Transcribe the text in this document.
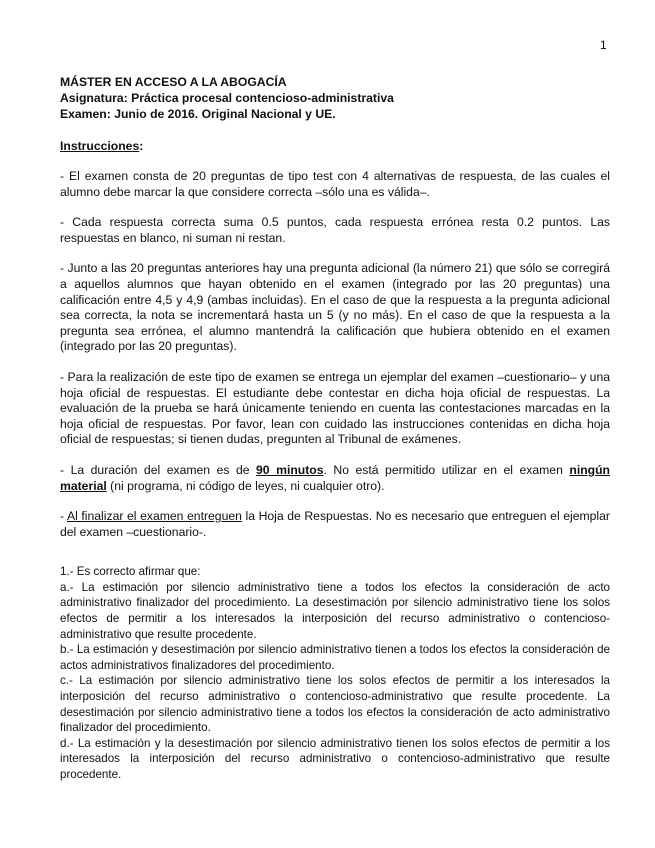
1
MÁSTER EN ACCESO A LA ABOGACÍA
Asignatura: Práctica procesal contencioso-administrativa
Examen: Junio de 2016. Original Nacional y UE.
Instrucciones:
- El examen consta de 20 preguntas de tipo test con 4 alternativas de respuesta, de las cuales el alumno debe marcar la que considere correcta –sólo una es válida–.
- Cada respuesta correcta suma 0.5 puntos, cada respuesta errónea resta 0.2 puntos. Las respuestas en blanco, ni suman ni restan.
- Junto a las 20 preguntas anteriores hay una pregunta adicional (la número 21) que sólo se corregirá a aquellos alumnos que hayan obtenido en el examen (integrado por las 20 preguntas) una calificación entre 4,5 y 4,9 (ambas incluidas). En el caso de que la respuesta a la pregunta adicional sea correcta, la nota se incrementará hasta un 5 (y no más). En el caso de que la respuesta a la pregunta sea errónea, el alumno mantendrá la calificación que hubiera obtenido en el examen (integrado por las 20 preguntas).
- Para la realización de este tipo de examen se entrega un ejemplar del examen –cuestionario– y una hoja oficial de respuestas. El estudiante debe contestar en dicha hoja oficial de respuestas. La evaluación de la prueba se hará únicamente teniendo en cuenta las contestaciones marcadas en la hoja oficial de respuestas. Por favor, lean con cuidado las instrucciones contenidas en dicha hoja oficial de respuestas; si tienen dudas, pregunten al Tribunal de exámenes.
- La duración del examen es de 90 minutos. No está permitido utilizar en el examen ningún material (ni programa, ni código de leyes, ni cualquier otro).
- Al finalizar el examen entreguen la Hoja de Respuestas. No es necesario que entreguen el ejemplar del examen –cuestionario-.

1.- Es correcto afirmar que:

a.- La estimación por silencio administrativo tiene a todos los efectos la consideración de acto administrativo finalizador del procedimiento. La desestimación por silencio administrativo tiene los solos efectos de permitir a los interesados la interposición del recurso administrativo o contencioso-administrativo que resulte procedente.

b.- La estimación y desestimación por silencio administrativo tienen a todos los efectos la consideración de actos administrativos finalizadores del procedimiento.

c.- La estimación por silencio administrativo tiene los solos efectos de permitir a los interesados la interposición del recurso administrativo o contencioso-administrativo que resulte procedente. La desestimación por silencio administrativo tiene a todos los efectos la consideración de acto administrativo finalizador del procedimiento.

d.- La estimación y la desestimación por silencio administrativo tienen los solos efectos de permitir a los interesados la interposición del recurso administrativo o contencioso-administrativo que resulte procedente.
